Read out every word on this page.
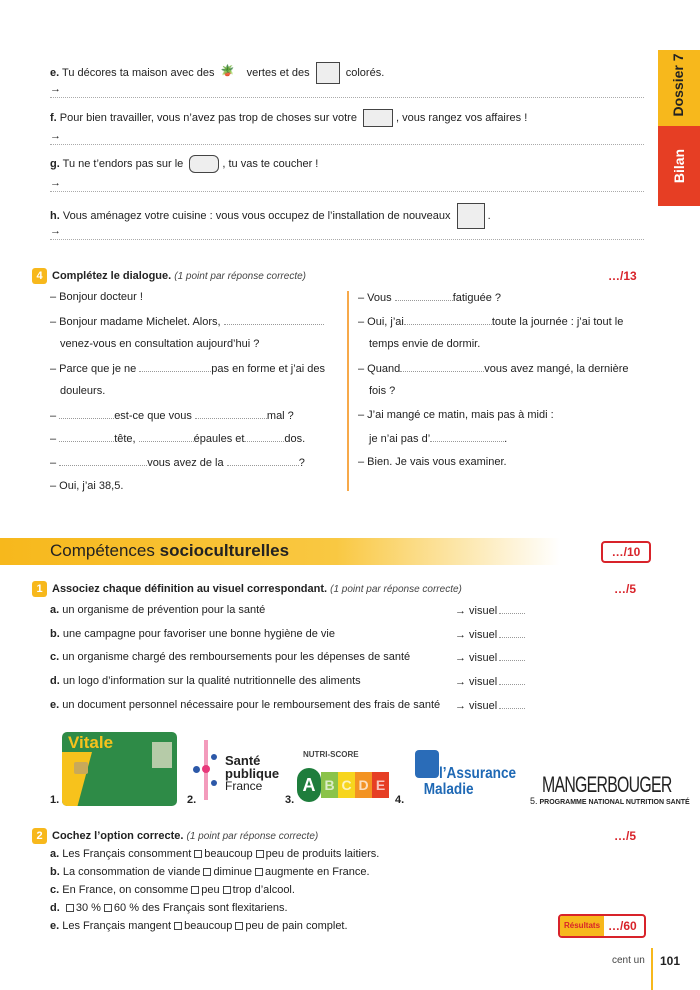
Dossier 7
Bilan
e. Tu décores ta maison avec des 🪴 vertes et des	colorés.
→
f. Pour bien travailler, vous n’avez pas trop de choses sur votre	, vous rangez vos affaires !
→
g. Tu ne t’endors pas sur le	, tu vas te coucher !
→
h. Vous aménagez votre cuisine : vous vous occupez de l’installation de nouveaux	.
→
4 Complétez le dialogue. (1 point par réponse correcte)	…/13
– Bonjour docteur !
– Bonjour madame Michelet. Alors,
venez-vous en consultation aujourd’hui ?
– Parce que je ne	pas en forme et j’ai des
douleurs.
–	est-ce que vous	mal ?
–	tête,	épaules et	dos.
–	vous avez de la	?
– Oui, j’ai 38,5.
– Vous	fatiguée ?
– Oui, j’ai	toute la journée : j’ai tout le
temps envie de dormir.
– Quand	vous avez mangé, la dernière
fois ?
– J’ai mangé ce matin, mais pas à midi :
je n’ai pas d’	.
– Bien. Je vais vous examiner.
Compétences socioculturelles	…/10
1 Associez chaque définition au visuel correspondant. (1 point par réponse correcte)	…/5
a. un organisme de prévention pour la santé	→ visuel
b. une campagne pour favoriser une bonne hygiène de vie	→ visuel
c. un organisme chargé des remboursements pour les dépenses de santé	→ visuel
d. un logo d’information sur la qualité nutritionnelle des aliments	→ visuel
e. un document personnel nécessaire pour le remboursement des frais de santé → visuel
1.
Vitale
2.
Santé
publique
France
3.
NUTRI-SCORE
A B C D E
4.
l’Assurance
Maladie	MANGERBOUGER
5. PROGRAMME NATIONAL NUTRITION SANTÉ
2 Cochez l’option correcte. (1 point par réponse correcte)	…/5
a. Les Français consomment beaucoup peu de produits laitiers.
b. La consommation de viande diminue augmente en France.
c. En France, on consomme peu trop d’alcool.
d. 30 % 60 % des Français sont flexitariens.
e. Les Français mangent beaucoup peu de pain complet.	Résultats …/60
cent un 101
